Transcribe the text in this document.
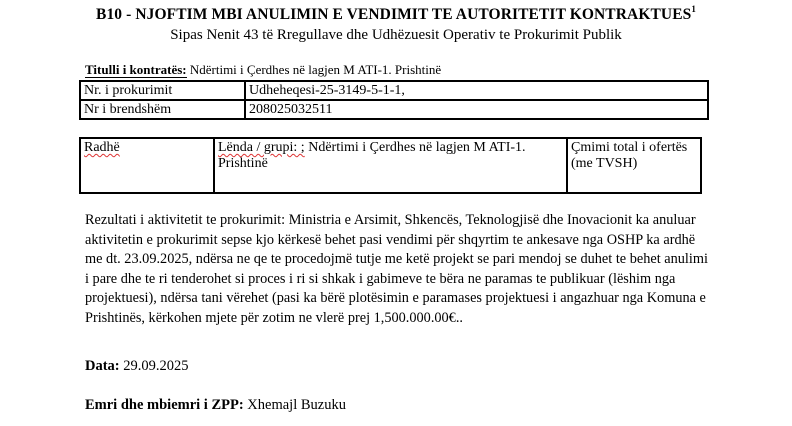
B10 - NJOFTIM MBI ANULIMIN E VENDIMIT TE AUTORITETIT KONTRAKTUES$^1$
Sipas Nenit 43 të Rregullave dhe Udhëzuesit Operativ te Prokurimit Publik
Titulli i kontratës: Ndërtimi i Çerdhes në lagjen M ATI-1. Prishtinë
Nr. i prokurimit	Udheheqesi-25-3149-5-1-1,
Nr i brendshëm	208025032511
Radhë	Lënda / grupi: ; Ndërtimi i Çerdhes në lagjen M ATI-1. Prishtinë	Çmimi total i ofertës (me TVSH)
Rezultati i aktivitetit te prokurimit: Ministria e Arsimit, Shkencës, Teknologjisë dhe Inovacionit ka anuluar aktivitetin e prokurimit sepse kjo kërkesë behet pasi vendimi për shqyrtim te ankesave nga OSHP ka ardhë me dt. 23.09.2025, ndërsa ne qe te procedojmë tutje me ketë projekt se pari mendoj se duhet te behet anulimi i pare dhe te ri tenderohet si proces i ri si shkak i gabimeve te bëra ne paramas te publikuar (lëshim nga projektuesi), ndërsa tani vërehet (pasi ka bërë plotësimin e paramases projektuesi i angazhuar nga Komuna e Prishtinës, kërkohen mjete për zotim ne vlerë prej 1,500.000.00€..
Data: 29.09.2025
Emri dhe mbiemri i ZPP: Xhemajl Buzuku
